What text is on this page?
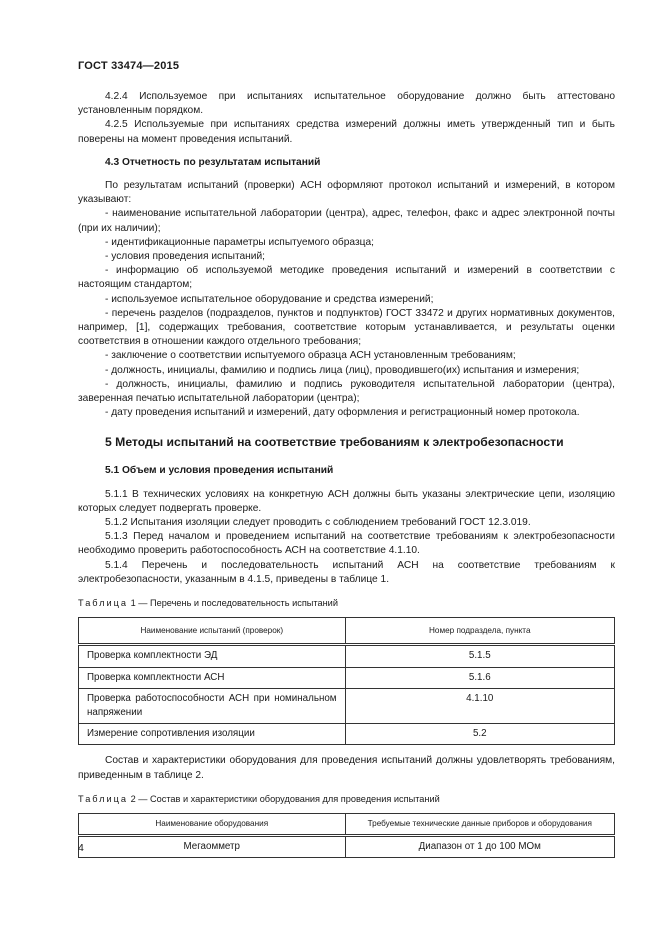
ГОСТ 33474—2015

4.2.4 Используемое при испытаниях испытательное оборудование должно быть аттестовано установленным порядком.

4.2.5 Используемые при испытаниях средства измерений должны иметь утвержденный тип и быть поверены на момент проведения испытаний.

4.3 Отчетность по результатам испытаний

По результатам испытаний (проверки) АСН оформляют протокол испытаний и измерений, в котором указывают:

- наименование испытательной лаборатории (центра), адрес, телефон, факс и адрес электронной почты (при их наличии);

- идентификационные параметры испытуемого образца;

- условия проведения испытаний;

- информацию об используемой методике проведения испытаний и измерений в соответствии с настоящим стандартом;

- используемое испытательное оборудование и средства измерений;

- перечень разделов (подразделов, пунктов и подпунктов) ГОСТ 33472 и других нормативных документов, например, [1], содержащих требования, соответствие которым устанавливается, и результаты оценки соответствия в отношении каждого отдельного требования;

- заключение о соответствии испытуемого образца АСН установленным требованиям;

- должность, инициалы, фамилию и подпись лица (лиц), проводившего(их) испытания и измерения;

- должность, инициалы, фамилию и подпись руководителя испытательной лаборатории (центра), заверенная печатью испытательной лаборатории (центра);

- дату проведения испытаний и измерений, дату оформления и регистрационный номер протокола.

5 Методы испытаний на соответствие требованиям к электробезопасности

5.1 Объем и условия проведения испытаний

5.1.1 В технических условиях на конкретную АСН должны быть указаны электрические цепи, изоляцию которых следует подвергать проверке.

5.1.2 Испытания изоляции следует проводить с соблюдением требований ГОСТ 12.3.019.

5.1.3 Перед началом и проведением испытаний на соответствие требованиям к электробезопасности необходимо проверить работоспособность АСН на соответствие 4.1.10.

5.1.4 Перечень и последовательность испытаний АСН на соответствие требованиям к электробезопасности, указанным в 4.1.5, приведены в таблице 1.

Таблица 1 — Перечень и последовательность испытаний

Наименование испытаний (проверок)	Номер подраздела, пункта
Проверка комплектности ЭД	5.1.5
Проверка комплектности АСН	5.1.6
Проверка работоспособности АСН при номинальном напряжении	4.1.10
Измерение сопротивления изоляции	5.2

Состав и характеристики оборудования для проведения испытаний должны удовлетворять требованиям, приведенным в таблице 2.

Таблица 2 — Состав и характеристики оборудования для проведения испытаний

Наименование оборудования	Требуемые технические данные приборов и оборудования
Мегаомметр	Диапазон от 1 до 100 МОм
4
